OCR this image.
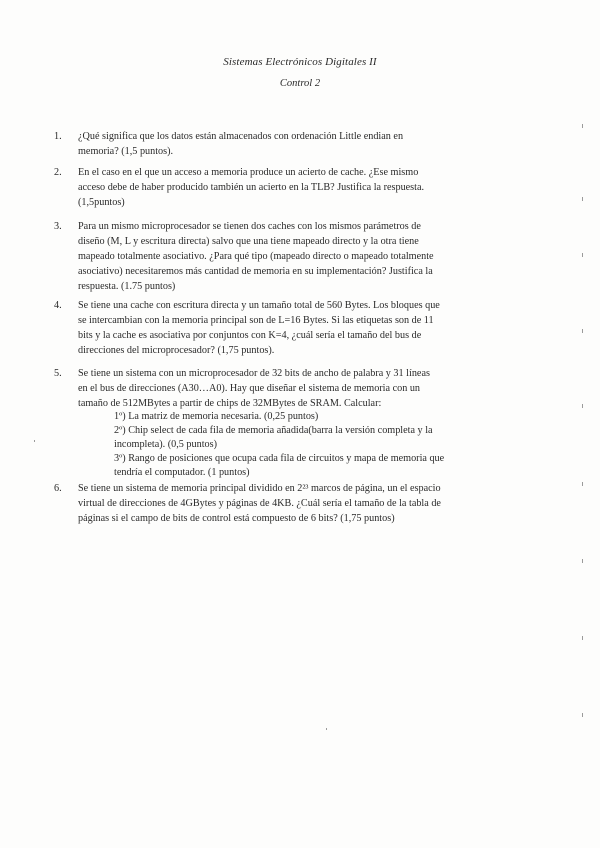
Sistemas Electrónicos Digitales II
Control 2
1. ¿Qué significa que los datos están almacenados con ordenación Little endian en
memoria? (1,5 puntos).
2. En el caso en el que un acceso a memoria produce un acierto de cache. ¿Ese mismo
acceso debe de haber producido también un acierto en la TLB? Justifica la respuesta.
(1,5puntos)
3. Para un mismo microprocesador se tienen dos caches con los mismos parámetros de
diseño (M, L y escritura directa) salvo que una tiene mapeado directo y la otra tiene
mapeado totalmente asociativo. ¿Para qué tipo (mapeado directo o mapeado totalmente
asociativo) necesitaremos más cantidad de memoria en su implementación? Justifica la
respuesta. (1.75 puntos)
4. Se tiene una cache con escritura directa y un tamaño total de 560 Bytes. Los bloques que
se intercambian con la memoria principal son de L=16 Bytes. Si las etiquetas son de 11
bits y la cache es asociativa por conjuntos con K=4, ¿cuál sería el tamaño del bus de
direcciones del microprocesador? (1,75 puntos).
5. Se tiene un sistema con un microprocesador de 32 bits de ancho de palabra y 31 líneas
en el bus de direcciones (A30…A0). Hay que diseñar el sistema de memoria con un
tamaño de 512MBytes a partir de chips de 32MBytes de SRAM. Calcular:
1º) La matriz de memoria necesaria. (0,25 puntos)
2º) Chip select de cada fila de memoria añadida(barra la versión completa y la
incompleta). (0,5 puntos)
3º) Rango de posiciones que ocupa cada fila de circuitos y mapa de memoria que
tendría el computador. (1 puntos)
6. Se tiene un sistema de memoria principal dividido en 2²³ marcos de página, un el espacio
virtual de direcciones de 4GBytes y páginas de 4KB. ¿Cuál sería el tamaño de la tabla de
páginas si el campo de bits de control está compuesto de 6 bits? (1,75 puntos)
